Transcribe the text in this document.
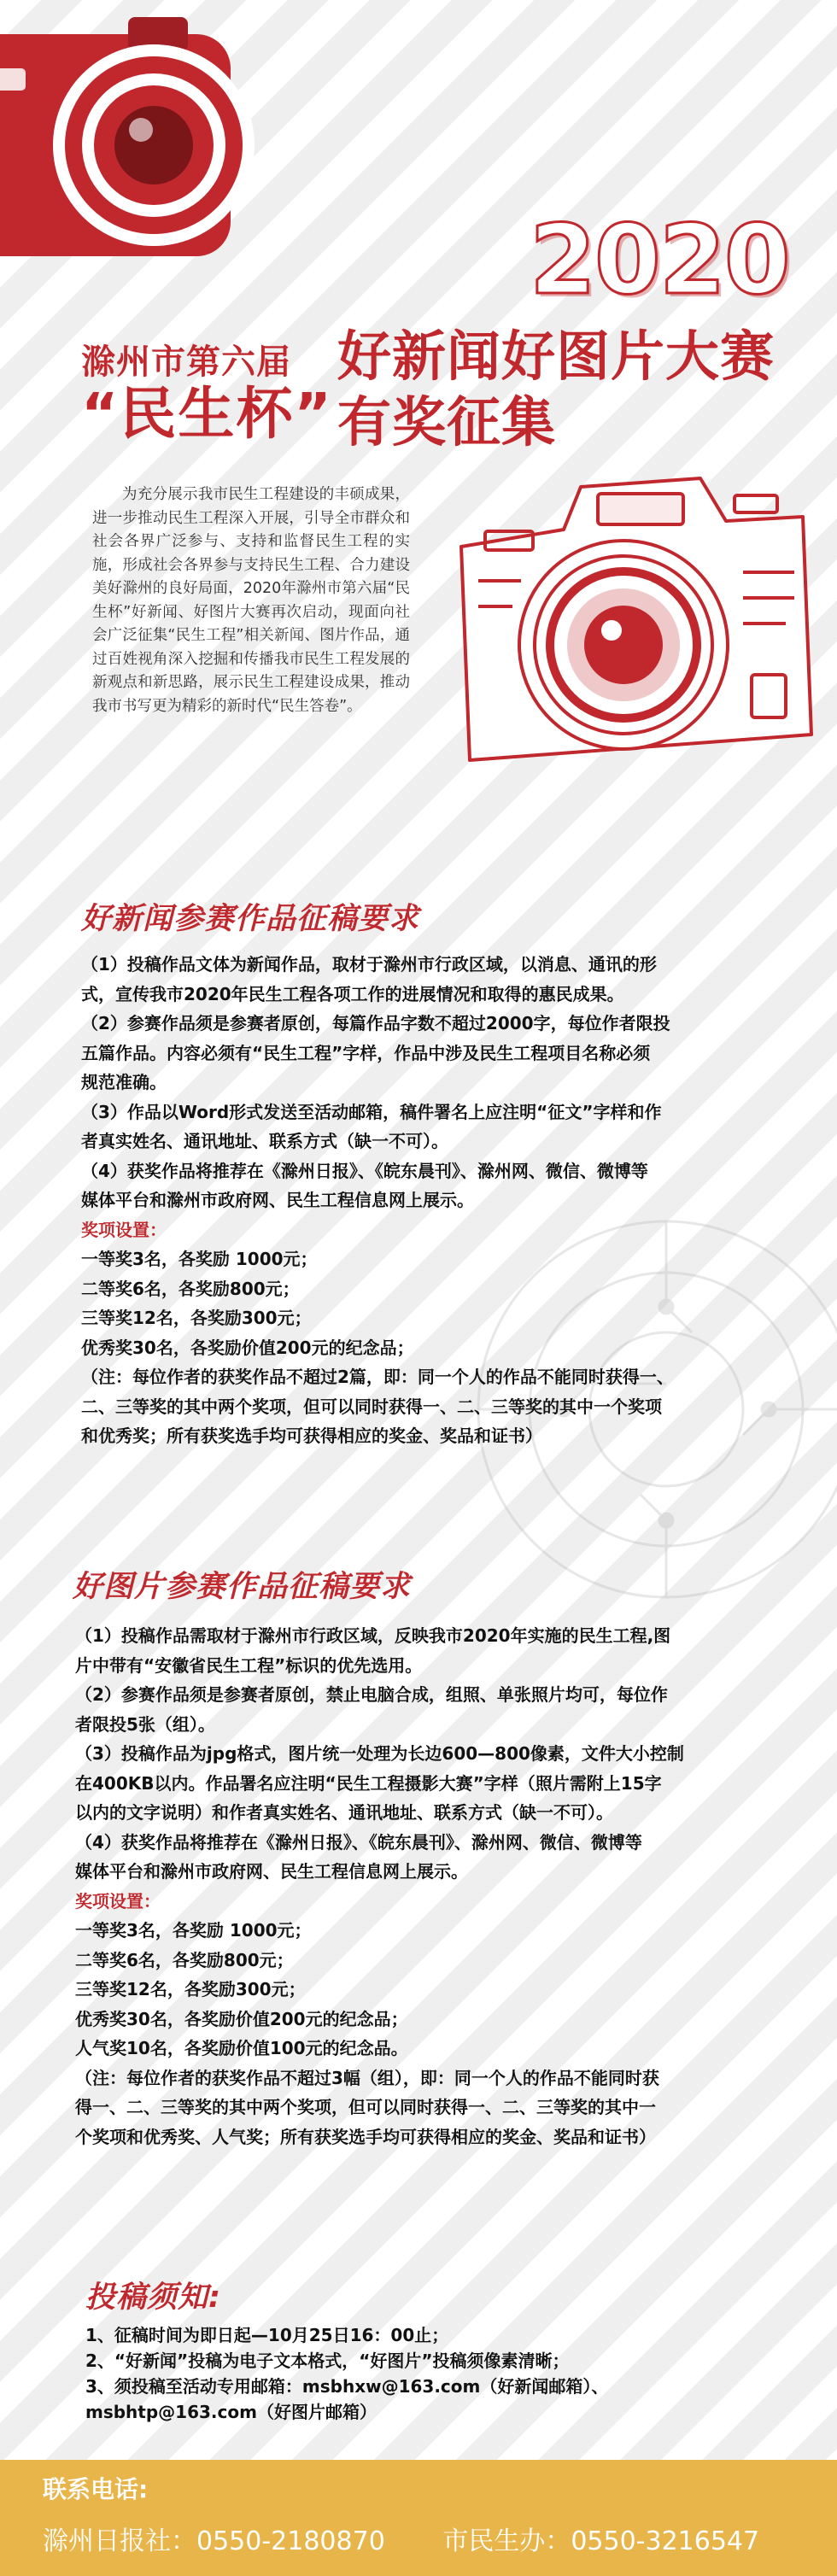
2020
滁州市第六届
“民生杯”
好新闻好图片大赛
有奖征集

为充分展示我市民生工程建设的丰硕成果，进一步推动民生工程深入开展，引导全市群众和社会各界广泛参与、支持和监督民生工程的实施，形成社会各界参与支持民生工程、合力建设美好滁州的良好局面，2020年滁州市第六届“民生杯”好新闻、好图片大赛再次启动，现面向社会广泛征集“民生工程”相关新闻、图片作品，通过百姓视角深入挖掘和传播我市民生工程发展的新观点和新思路，展示民生工程建设成果，推动我市书写更为精彩的新时代“民生答卷”。

好新闻参赛作品征稿要求

（1）投稿作品文体为新闻作品，取材于滁州市行政区域，以消息、通讯的形

式，宣传我市2020年民生工程各项工作的进展情况和取得的惠民成果。

（2）参赛作品须是参赛者原创，每篇作品字数不超过2000字，每位作者限投

五篇作品。内容必须有“民生工程”字样，作品中涉及民生工程项目名称必须

规范准确。

（3）作品以Word形式发送至活动邮箱，稿件署名上应注明“征文”字样和作

者真实姓名、通讯地址、联系方式（缺一不可）。

（4）获奖作品将推荐在《滁州日报》、《皖东晨刊》、滁州网、微信、微博等

媒体平台和滁州市政府网、民生工程信息网上展示。

奖项设置：

一等奖3名，各奖励 1000元；

二等奖6名，各奖励800元；

三等奖12名，各奖励300元；

优秀奖30名，各奖励价值200元的纪念品；

（注：每位作者的获奖作品不超过2篇，即：同一个人的作品不能同时获得一、

二、三等奖的其中两个奖项，但可以同时获得一、二、三等奖的其中一个奖项

和优秀奖；所有获奖选手均可获得相应的奖金、奖品和证书）

好图片参赛作品征稿要求

（1）投稿作品需取材于滁州市行政区域，反映我市2020年实施的民生工程,图

片中带有“安徽省民生工程”标识的优先选用。

（2）参赛作品须是参赛者原创，禁止电脑合成，组照、单张照片均可，每位作

者限投5张（组）。

（3）投稿作品为jpg格式，图片统一处理为长边600—800像素，文件大小控制

在400KB以内。作品署名应注明“民生工程摄影大赛”字样（照片需附上15字

以内的文字说明）和作者真实姓名、通讯地址、联系方式（缺一不可）。

（4）获奖作品将推荐在《滁州日报》、《皖东晨刊》、滁州网、微信、微博等

媒体平台和滁州市政府网、民生工程信息网上展示。

奖项设置：

一等奖3名，各奖励 1000元；

二等奖6名，各奖励800元；

三等奖12名，各奖励300元；

优秀奖30名，各奖励价值200元的纪念品；

人气奖10名，各奖励价值100元的纪念品。

（注：每位作者的获奖作品不超过3幅（组），即：同一个人的作品不能同时获

得一、二、三等奖的其中两个奖项，但可以同时获得一、二、三等奖的其中一

个奖项和优秀奖、人气奖；所有获奖选手均可获得相应的奖金、奖品和证书）

投稿须知:

1、征稿时间为即日起—10月25日16：00止；

2、“好新闻”投稿为电子文本格式，“好图片”投稿须像素清晰；

3、须投稿至活动专用邮箱：msbhxw@163.com（好新闻邮箱）、

msbhtp@163.com（好图片邮箱）

联系电话:
滁州日报社：0550-2180870 市民生办：0550-3216547
